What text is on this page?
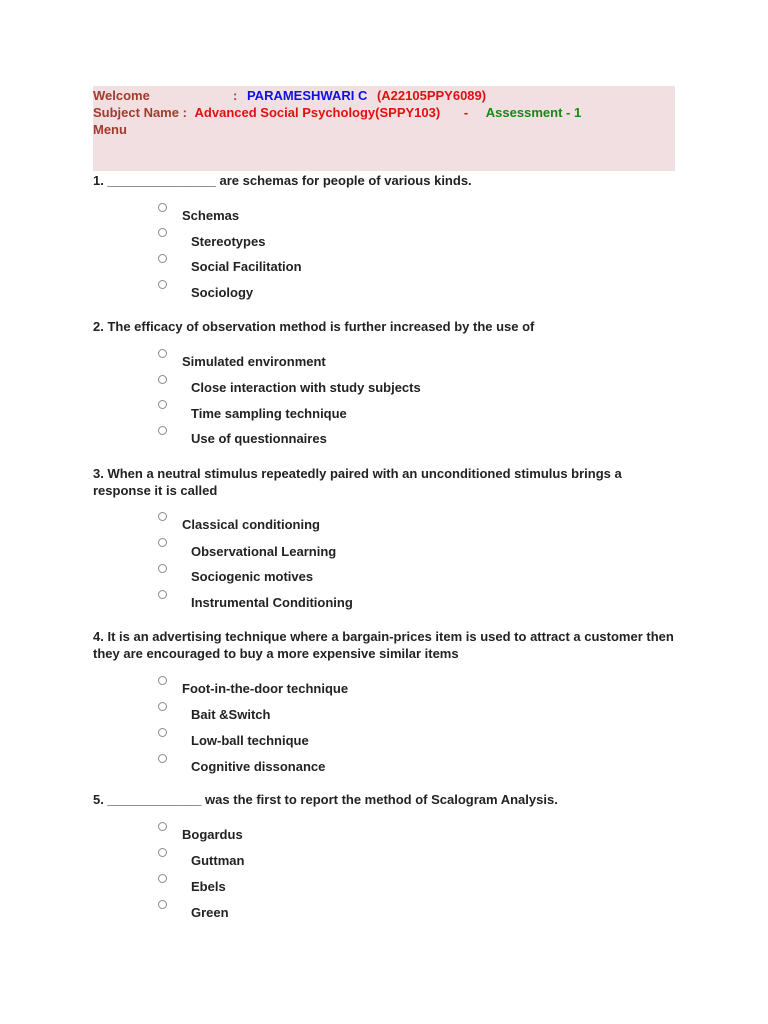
Welcome	: PARAMESHWARI C (A22105PPY6089)
Subject Name : Advanced Social Psychology(SPPY103) - Assessment - 1
Menu
1. _______________ are schemas for people of various kinds.
Schemas
Stereotypes
Social Facilitation
Sociology
2. The efficacy of observation method is further increased by the use of
Simulated environment
Close interaction with study subjects
Time sampling technique
Use of questionnaires
3. When a neutral stimulus repeatedly paired with an unconditioned stimulus brings a response it is called
Classical conditioning
Observational Learning
Sociogenic motives
Instrumental Conditioning
4. It is an advertising technique where a bargain-prices item is used to attract a customer then they are encouraged to buy a more expensive similar items
Foot-in-the-door technique
Bait &Switch
Low-ball technique
Cognitive dissonance
5. _____________ was the first to report the method of Scalogram Analysis.
Bogardus
Guttman
Ebels
Green
